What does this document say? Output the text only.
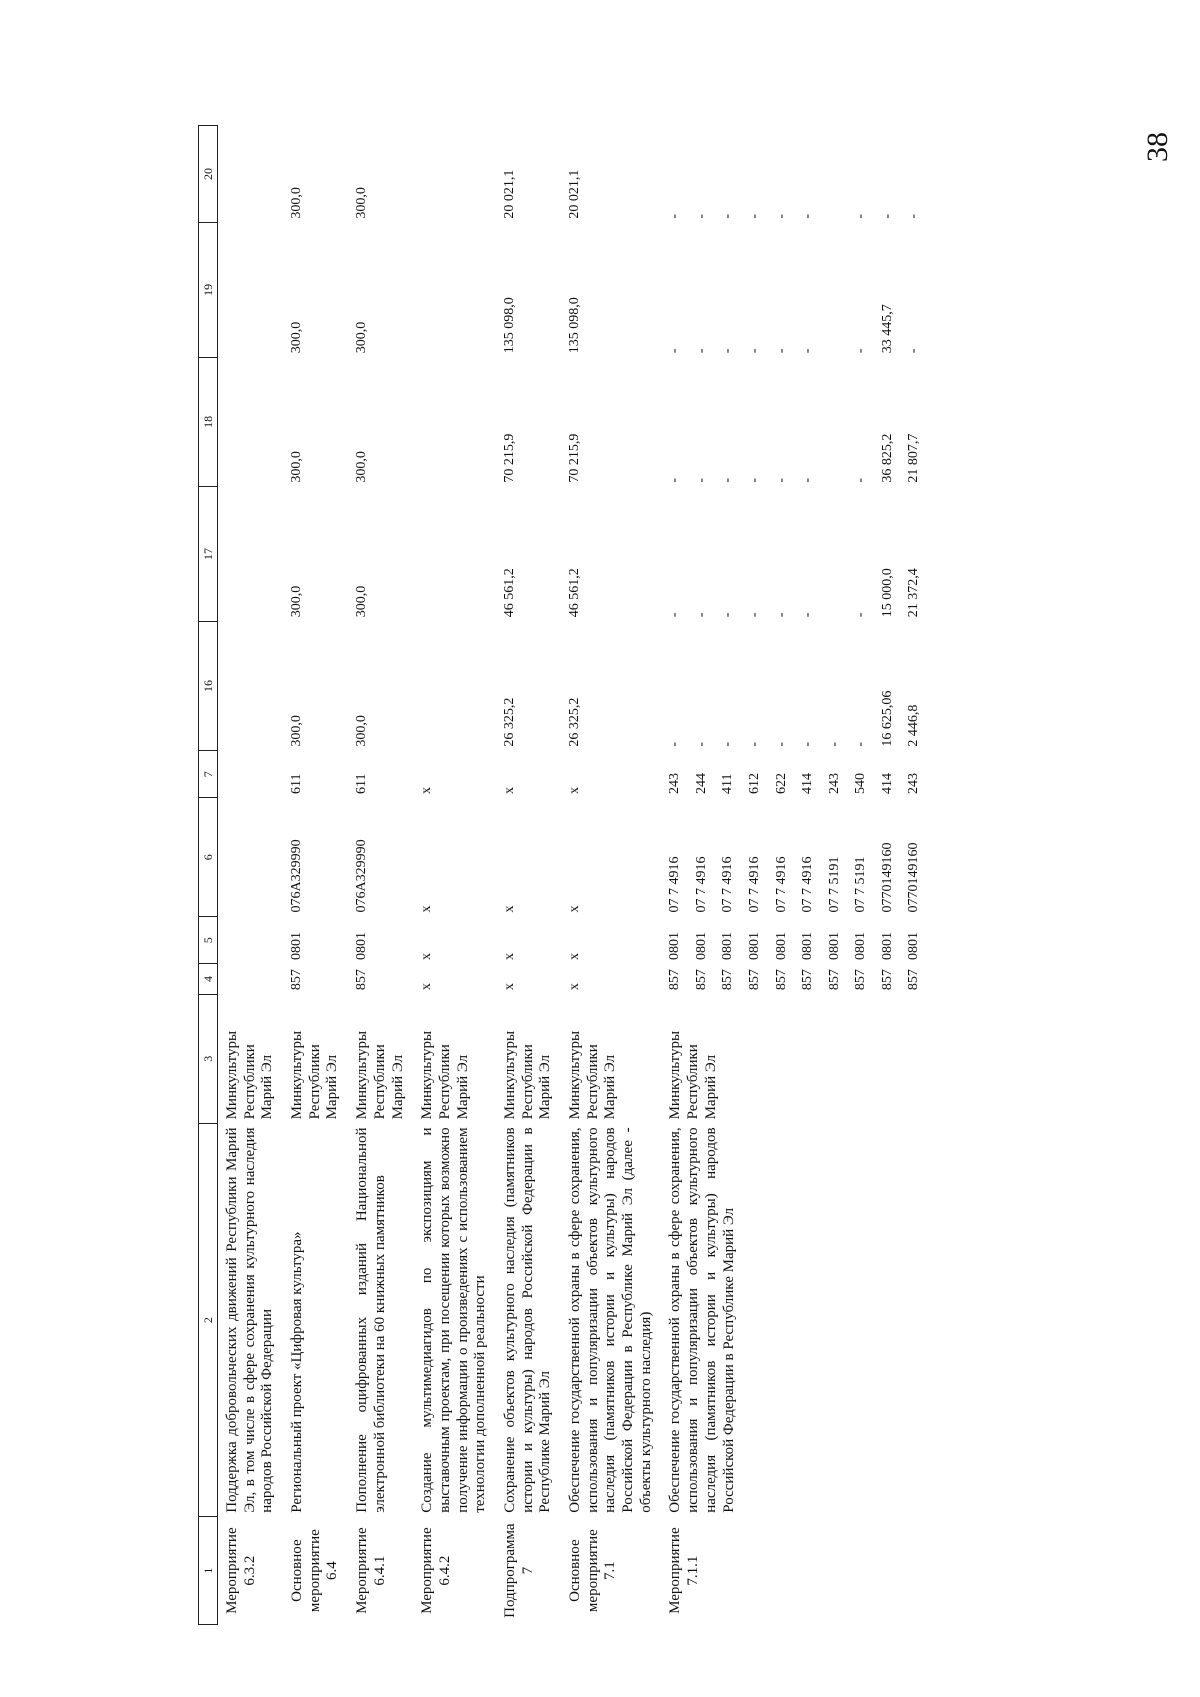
38
1	2	3	4	5	6	7	16	17	18	19	20
Мероприятие 6.3.2	Поддержка добровольческих движений Республики Марий Эл, в том числе в сфере сохранения культурного наследия народов Российской Федерации	Минкультуры Республики Марий Эл									
Основное мероприятие 6.4	Региональный проект «Цифровая культура»	Минкультуры Республики Марий Эл	857	0801	076A329990	611	300,0	300,0	300,0	300,0	300,0
Мероприятие 6.4.1	Пополнение оцифрованных изданий Национальной электронной библиотеки на 60 книжных памятников	Минкультуры Республики Марий Эл	857	0801	076A329990	611	300,0	300,0	300,0	300,0	300,0
Мероприятие 6.4.2	Создание мультимедиагидов по экспозициям и выставочным проектам, при посещении которых возможно получение информации о произведениях с использованием технологии дополненной реальности	Минкультуры Республики Марий Эл	х	х	х	х					
Подпрограмма 7	Сохранение объектов культурного наследия (памятников истории и культуры) народов Российской Федерации в Республике Марий Эл	Минкультуры Республики Марий Эл	х	х	х	х	26 325,2	46 561,2	70 215,9	135 098,0	20 021,1
Основное мероприятие 7.1	Обеспечение государственной охраны в сфере сохранения, использования и популяризации объектов культурного наследия (памятников истории и культуры) народов Российской Федерации в Республике Марий Эл (далее - объекты культурного наследия)	Минкультуры Республики Марий Эл	х	х	х	х	26 325,2	46 561,2	70 215,9	135 098,0	20 021,1
Мероприятие 7.1.1	Обеспечение государственной охраны в сфере сохранения, использования и популяризации объектов культурного наследия (памятников истории и культуры) народов Российской Федерации в Республике Марий Эл	Минкультуры Республики Марий Эл	857	0801	07 7 4916	243	-	-	-	-	-
			857	0801	07 7 4916	244	-	-	-	-	-
			857	0801	07 7 4916	411	-	-	-	-	-
			857	0801	07 7 4916	612	-	-	-	-	-
			857	0801	07 7 4916	622	-	-	-	-	-
			857	0801	07 7 4916	414	-	-	-	-	-
			857	0801	07 7 5191	243	-				
			857	0801	07 7 5191	540	-	-	-	-	-
			857	0801	0770149160	414	16 625,06	15 000,0	36 825,2	33 445,7	-
			857	0801	0770149160	243	2 446,8	21 372,4	21 807,7	-	-
